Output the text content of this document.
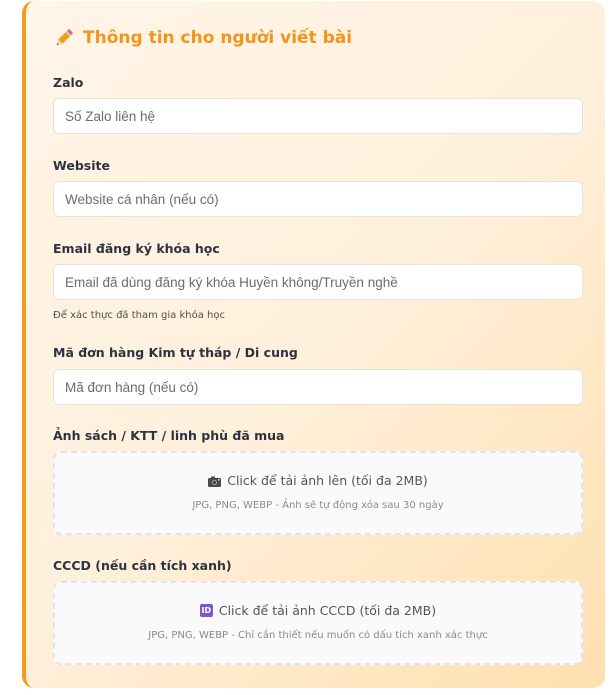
Thông tin cho người viết bài
Zalo
Số Zalo liên hệ
Website
Website cá nhân (nếu có)
Email đăng ký khóa học
Email đã dùng đăng ký khóa Huyền không/Truyền nghề
Để xác thực đã tham gia khóa học
Mã đơn hàng Kim tự tháp / Di cung
Mã đơn hàng (nếu có)
Ảnh sách / KTT / linh phù đã mua
Click để tải ảnh lên (tối đa 2MB)
JPG, PNG, WEBP - Ảnh sẽ tự động xóa sau 30 ngày
CCCD (nếu cần tích xanh)
ID Click để tải ảnh CCCD (tối đa 2MB)
JPG, PNG, WEBP - Chỉ cần thiết nếu muốn có dấu tích xanh xác thực
